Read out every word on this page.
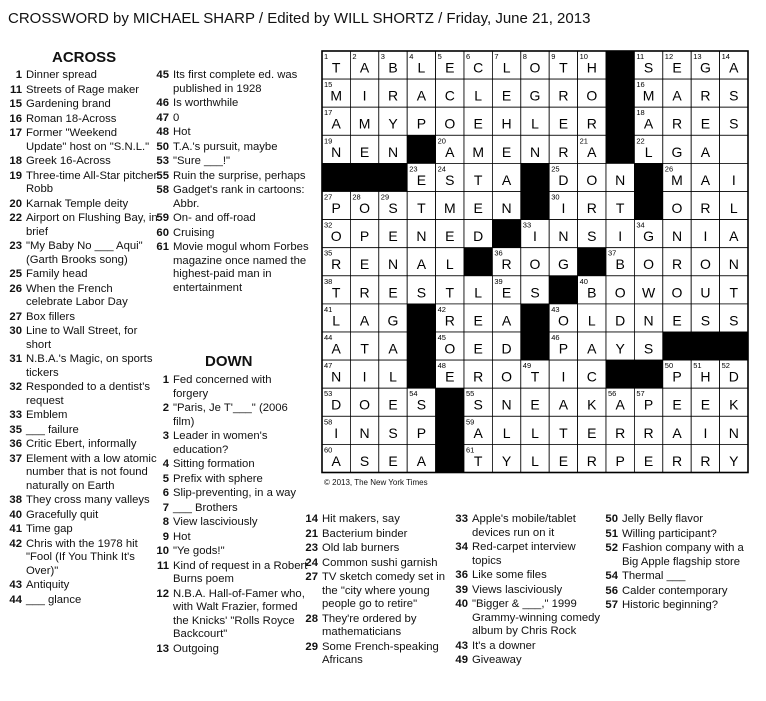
CROSSWORD by MICHAEL SHARP / Edited by WILL SHORTZ / Friday, June 21, 2013
ACROSS
1 Dinner spread
11 Streets of Rage maker
15 Gardening brand
16 Roman 18-Across
17 Former "Weekend Update" host on "S.N.L."
18 Greek 16-Across
19 Three-time All-Star pitcher Robb
20 Karnak Temple deity
22 Airport on Flushing Bay, in brief
23 "My Baby No ___ Aqui" (Garth Brooks song)
25 Family head
26 When the French celebrate Labor Day
27 Box fillers
30 Line to Wall Street, for short
31 N.B.A.'s Magic, on sports tickers
32 Responded to a dentist's request
33 Emblem
35 ___ failure
36 Critic Ebert, informally
37 Element with a low atomic number that is not found naturally on Earth
38 They cross many valleys
40 Gracefully quit
41 Time gap
42 Chris with the 1978 hit "Fool (If You Think It's Over)"
43 Antiquity
44 ___ glance
45 Its first complete ed. was published in 1928
46 Is worthwhile
47 0
48 Hot
50 T.A.'s pursuit, maybe
53 "Sure ___!"
55 Ruin the surprise, perhaps
58 Gadget's rank in cartoons: Abbr.
59 On- and off-road
60 Cruising
61 Movie mogul whom Forbes magazine once named the highest-paid man in entertainment
DOWN
1 Fed concerned with forgery
2 "Paris, Je T'___" (2006 film)
3 Leader in women's education?
4 Sitting formation
5 Prefix with sphere
6 Slip-preventing, in a way
7 ___ Brothers
8 View lasciviously
9 Hot
10 "Ye gods!"
11 Kind of request in a Robert Burns poem
12 N.B.A. Hall-of-Famer who, with Walt Frazier, formed the Knicks' "Rolls Royce Backcourt"
13 Outgoing
14 Hit makers, say
21 Bacterium binder
23 Old lab burners
24 Common sushi garnish
27 TV sketch comedy set in the "city where young people go to retire"
28 They're ordered by mathematicians
29 Some French-speaking Africans
33 Apple's mobile/tablet devices run on it
34 Red-carpet interview topics
36 Like some files
39 Views lasciviously
40 "Bigger & ___," 1999 Grammy-winning comedy album by Chris Rock
43 It's a downer
49 Giveaway
50 Jelly Belly flavor
51 Willing participant?
52 Fashion company with a Big Apple flagship store
54 Thermal ___
56 Calder contemporary
57 Historic beginning?
1
T
2
A
3
B
4
L
5
E
6
C
7
L
8
O
9
T
10
H
11
S
12
E
13
G
14
A
15
M I R A C L E G R O
16
M A R S
17
A M Y P O E H L E R
18
A R E S
19
N E N
20
A M E N R
21
A
22
L G A
23
E
24
S T A
25
D O N
26
M A I
27
P
28
O
29
S T M E N
30
I R T	O R L
32
O P E N E D
33
I N S I
34
G N I A
35
R E N A L
36
R O G
37
B O R O N
38
T R E S T L
39
E S
40
B O W O U T
41
L A G
42
R E A
43
O L D N E S S
44
A T A
45
O E D
46
P A Y S
47
N I L
48
E R O
49
T I C
50
P
51
H
52
D
53
D O E
54
S
55
S N E A K
56
A
57
P E E K
58
I N S P
59
A L L T E R R A I N
60
A S E A
61
T Y L E R P E R R Y
© 2013, The New York Times
